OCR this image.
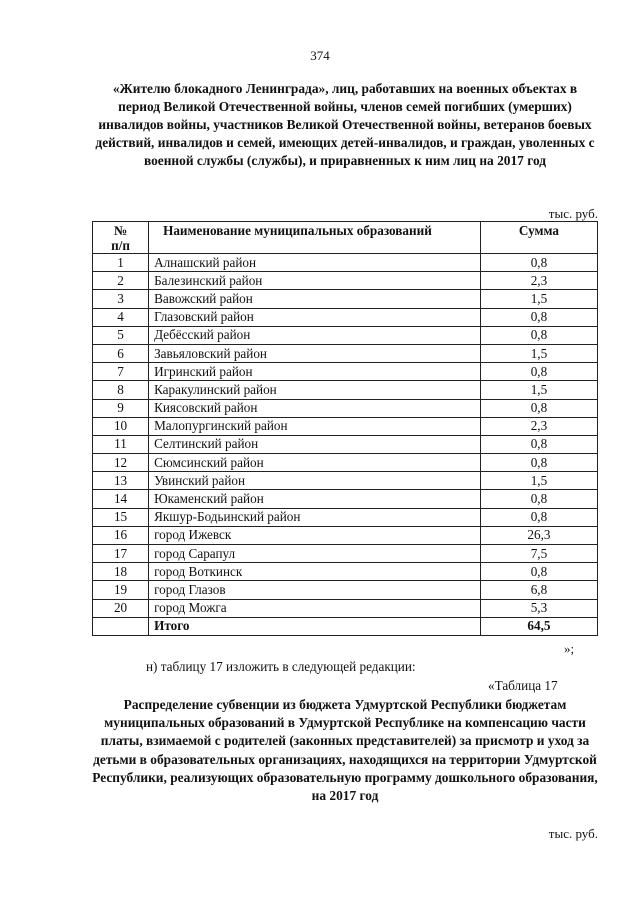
374
«Жителю блокадного Ленинграда», лиц, работавших на военных объектах в период Великой Отечественной войны, членов семей погибших (умерших) инвалидов войны, участников Великой Отечественной войны, ветеранов боевых действий, инвалидов и семей, имеющих детей-инвалидов, и граждан, уволенных с военной службы (службы), и приравненных к ним лиц на 2017 год
тыс. руб.
№
п/п	Наименование муниципальных образований	Сумма
1	Алнашский район	0,8
2	Балезинский район	2,3
3	Вавожский район	1,5
4	Глазовский район	0,8
5	Дебёсский район	0,8
6	Завьяловский район	1,5
7	Игринский район	0,8
8	Каракулинский район	1,5
9	Киясовский район	0,8
10	Малопургинский район	2,3
11	Селтинский район	0,8
12	Сюмсинский район	0,8
13	Увинский район	1,5
14	Юкаменский район	0,8
15	Якшур-Бодьинский район	0,8
16	город Ижевск	26,3
17	город Сарапул	7,5
18	город Воткинск	0,8
19	город Глазов	6,8
20	город Можга	5,3
	Итого	64,5
»;
н) таблицу 17 изложить в следующей редакции:
«Таблица 17
Распределение субвенции из бюджета Удмуртской Республики бюджетам муниципальных образований в Удмуртской Республике на компенсацию части платы, взимаемой с родителей (законных представителей) за присмотр и уход за детьми в образовательных организациях, находящихся на территории Удмуртской Республики, реализующих образовательную программу дошкольного образования, на 2017 год
тыс. руб.
